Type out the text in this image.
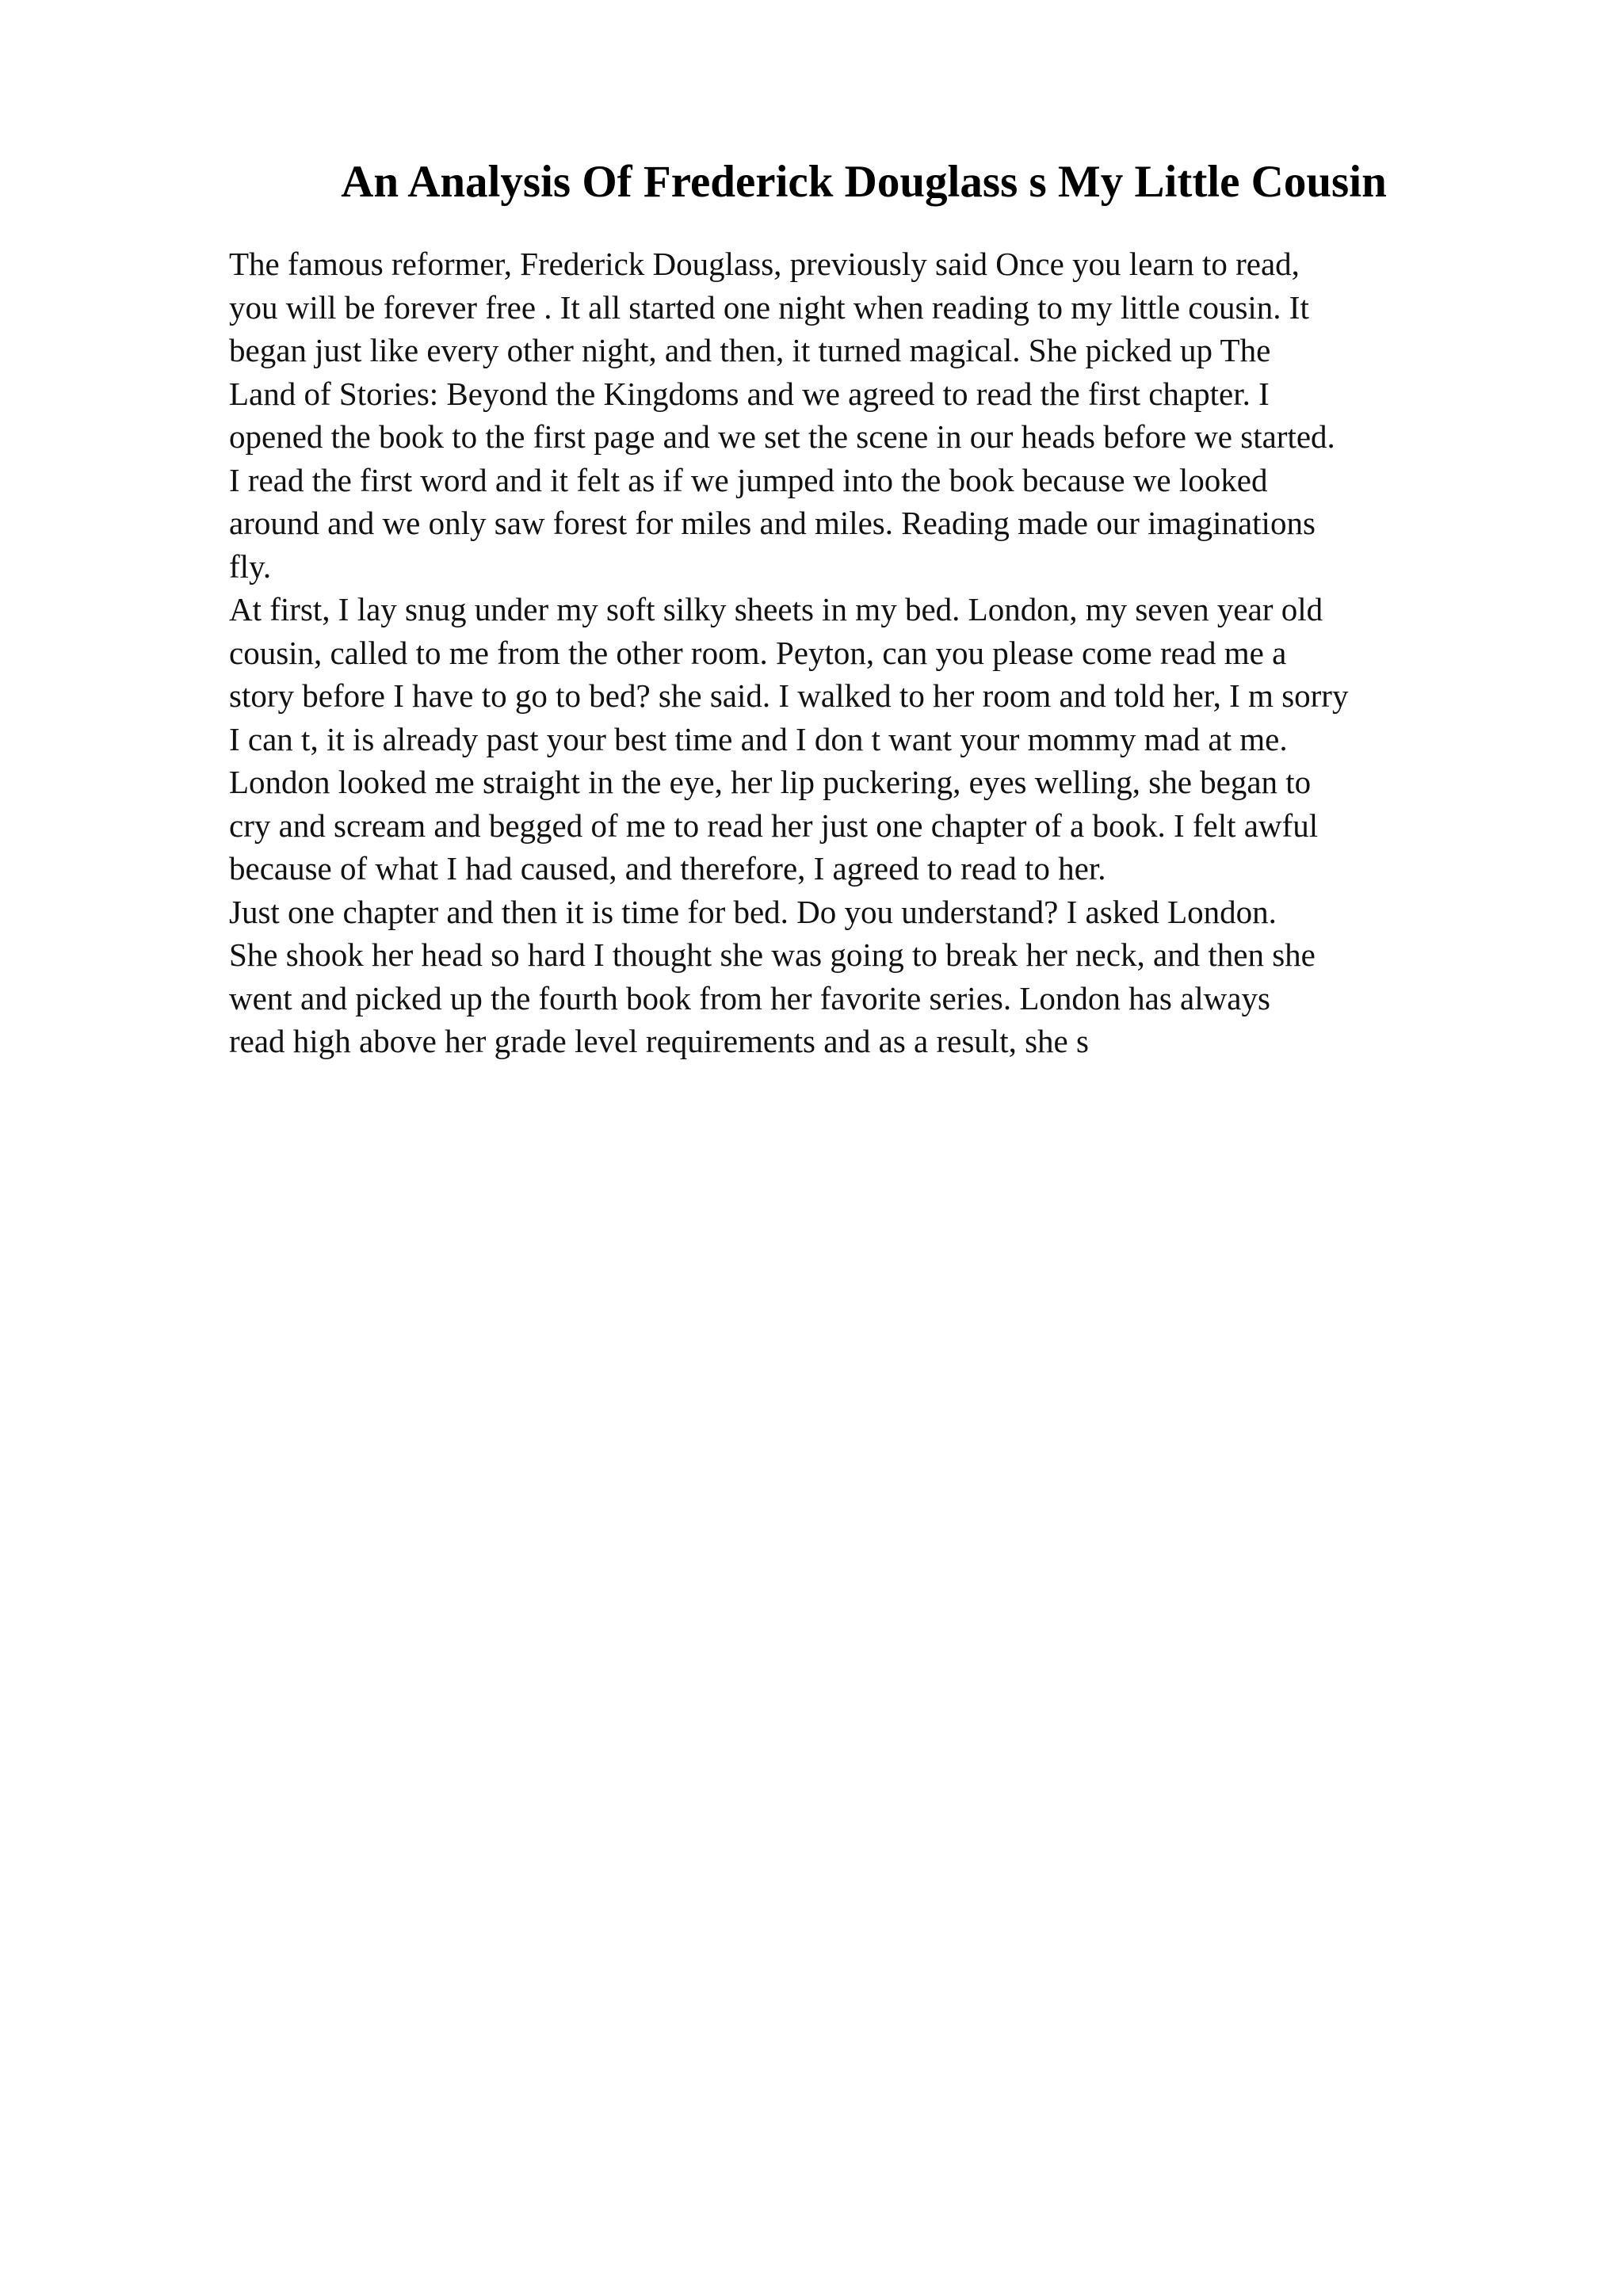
An Analysis Of Frederick Douglass s My Little Cousin
The famous reformer, Frederick Douglass, previously said Once you learn to read,
you will be forever free . It all started one night when reading to my little cousin. It
began just like every other night, and then, it turned magical. She picked up The
Land of Stories: Beyond the Kingdoms and we agreed to read the first chapter. I
opened the book to the first page and we set the scene in our heads before we started.
I read the first word and it felt as if we jumped into the book because we looked
around and we only saw forest for miles and miles. Reading made our imaginations
fly.
At first, I lay snug under my soft silky sheets in my bed. London, my seven year old
cousin, called to me from the other room. Peyton, can you please come read me a
story before I have to go to bed? she said. I walked to her room and told her, I m sorry
I can t, it is already past your best time and I don t want your mommy mad at me.
London looked me straight in the eye, her lip puckering, eyes welling, she began to
cry and scream and begged of me to read her just one chapter of a book. I felt awful
because of what I had caused, and therefore, I agreed to read to her.
Just one chapter and then it is time for bed. Do you understand? I asked London.
She shook her head so hard I thought she was going to break her neck, and then she
went and picked up the fourth book from her favorite series. London has always
read high above her grade level requirements and as a result, she s
